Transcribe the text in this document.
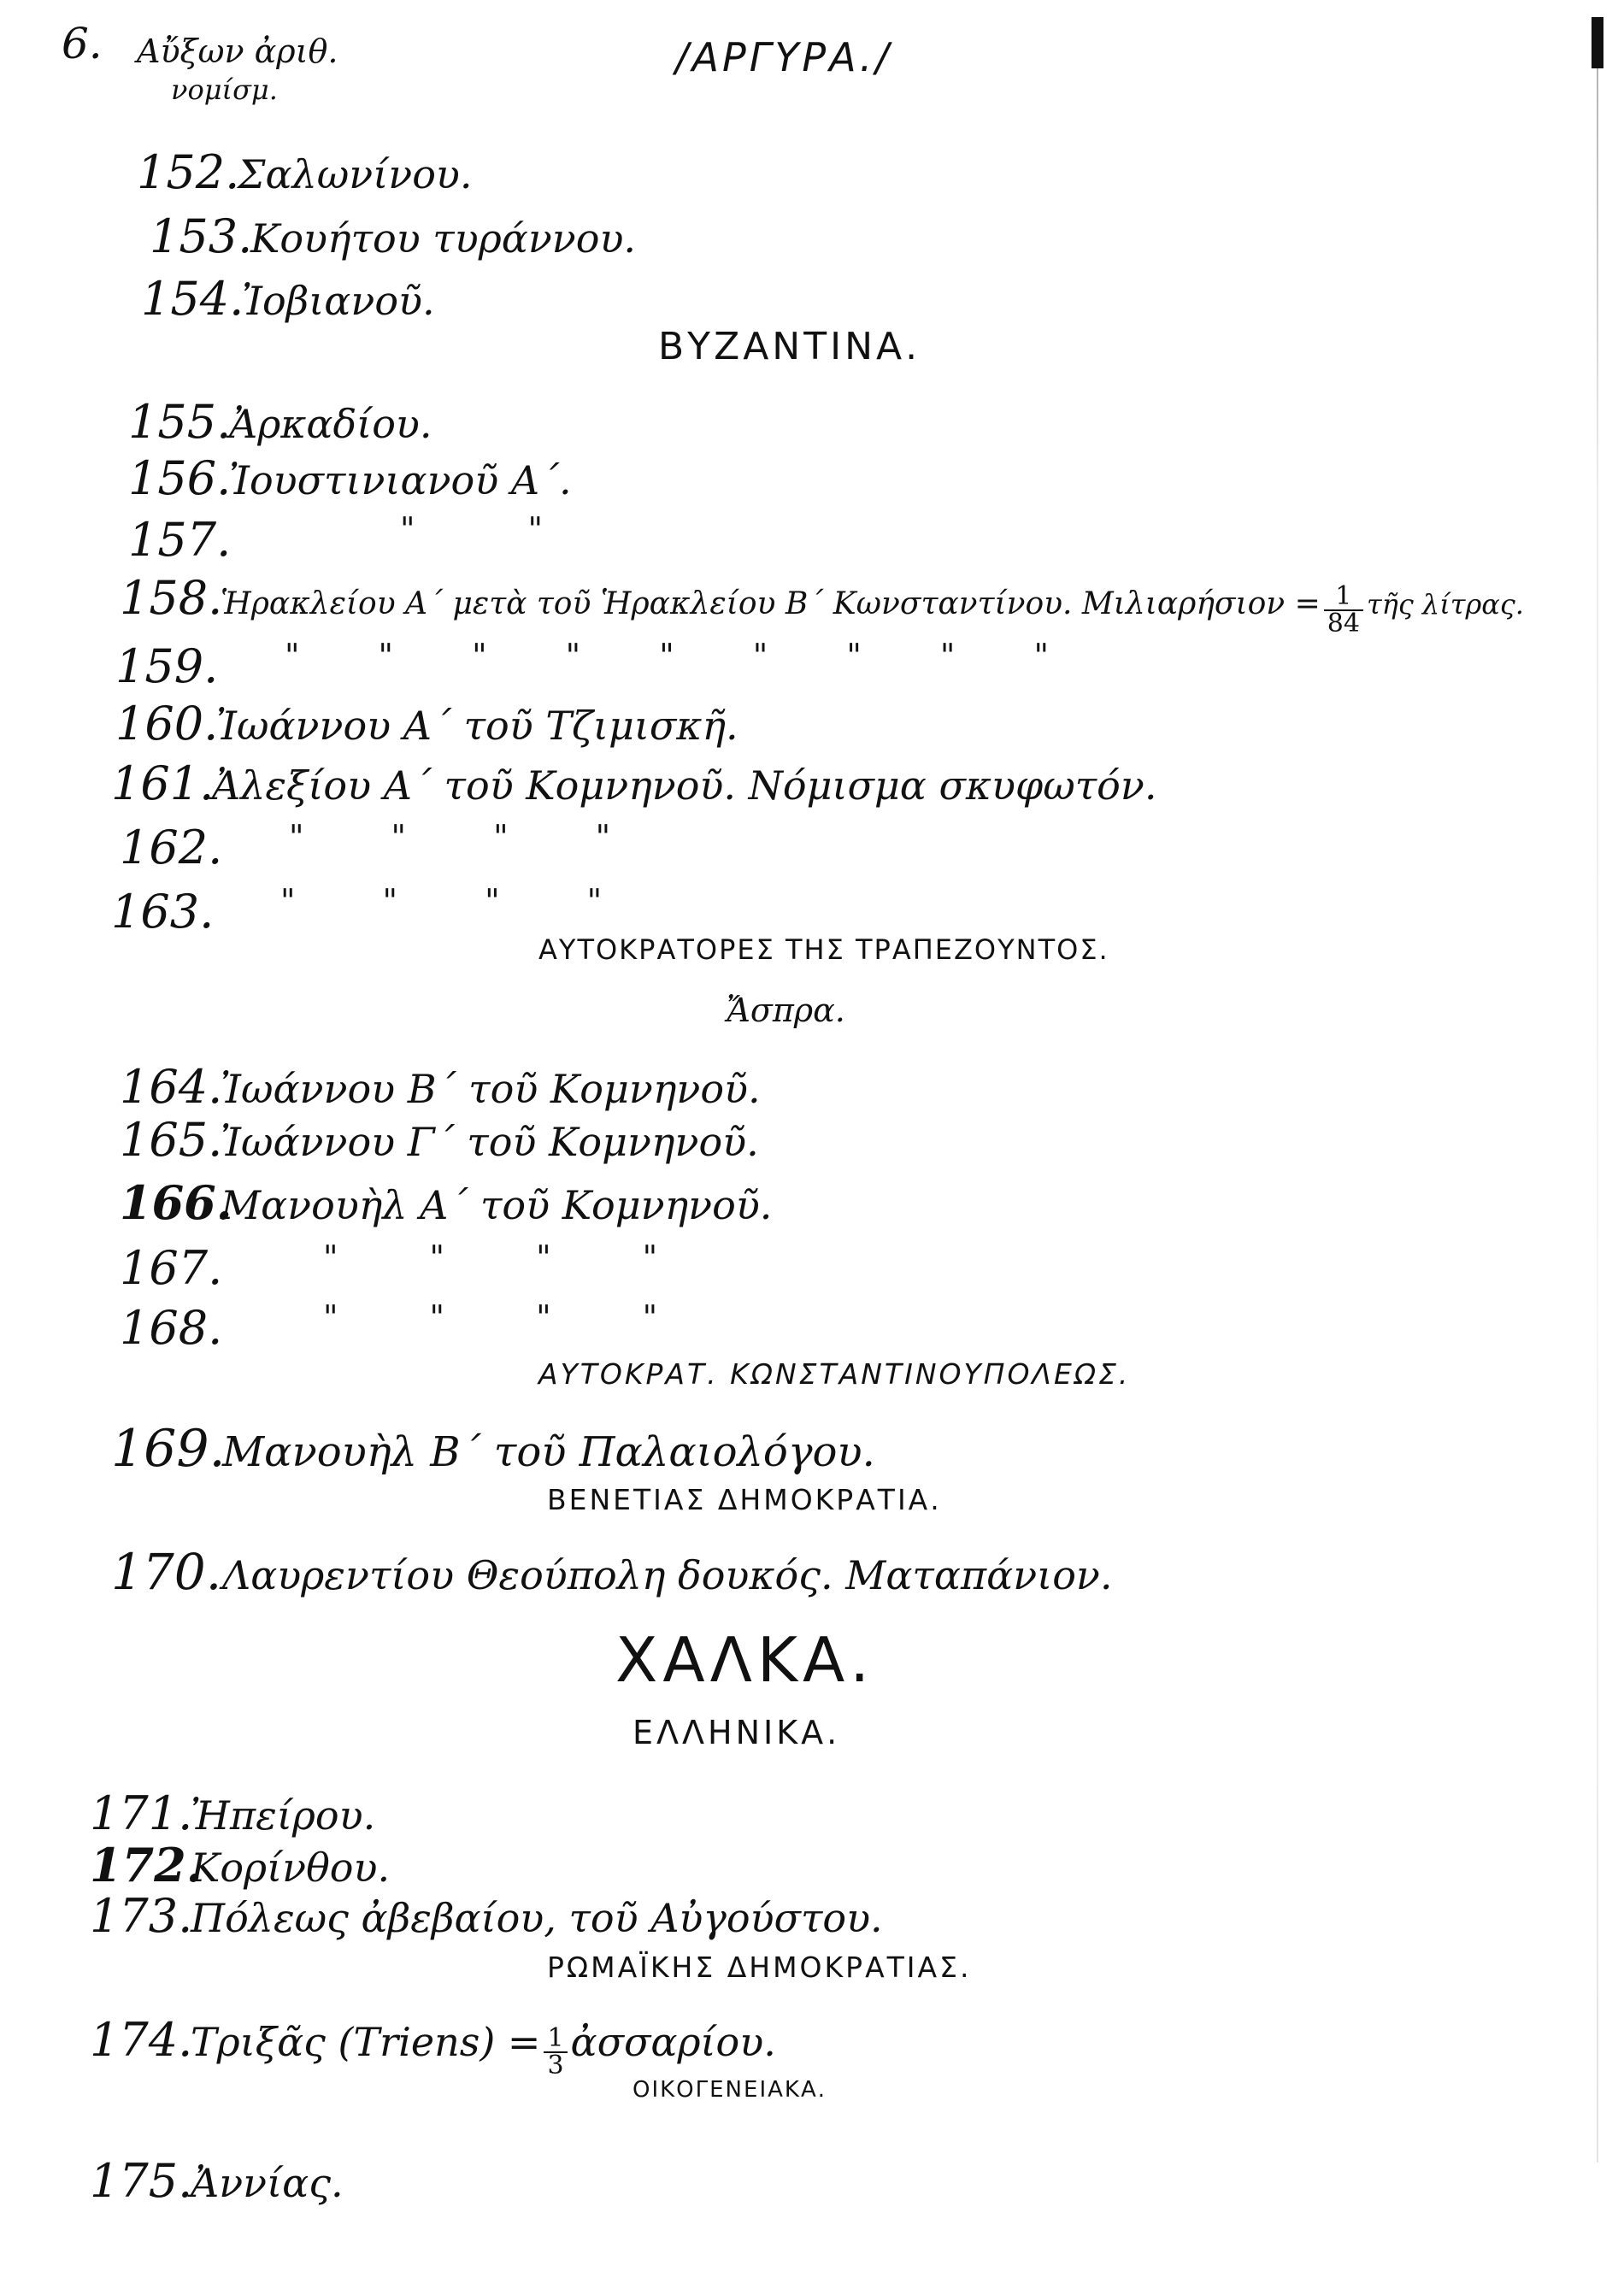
6. Αὔξων ἀριθ.
νομίσμ.
/ΑΡΓΥΡΑ./
152.Σαλωνίνου.
153.Κουήτου τυράννου.
154.Ἰοβιανοῦ.
ΒΥΖΑΝΤΙΝΑ.
155.Ἀρκαδίου.
156.Ἰουστινιανοῦ Α΄.
157.	" "
158.Ἡρακλείου Α΄ μετὰ τοῦ Ἡρακλείου Β΄ Κωνσταντίνου. $M\iota\lambda\iota\alpha\rho ή\sigma\iota o\nu = \frac{1}{84}$ τῆς λίτρας.
159. " " " " " " " " "
160.Ἰωάννου Α΄ τοῦ Τζιμισκῆ.
161.Ἀλεξίου Α΄ τοῦ Κομνηνοῦ. Νόμισμα σκυφωτόν.
162. " " " "
163. " " " "
ΑΥΤΟΚΡΑΤΟΡΕΣ ΤΗΣ ΤΡΑΠΕΖΟΥΝΤΟΣ.
Ἄσπρα.
164.Ἰωάννου Β΄ τοῦ Κομνηνοῦ.
165.Ἰωάννου Γ΄ τοῦ Κομνηνοῦ.
166.Μανουὴλ Α΄ τοῦ Κομνηνοῦ.
167.	" " " "
168.	" " " "
ΑΥΤΟΚΡΑΤ. ΚΩΝΣΤΑΝΤΙΝΟΥΠΟΛΕΩΣ.
169.Μανουὴλ Β΄ τοῦ Παλαιολόγου.
ΒΕΝΕΤΙΑΣ ΔΗΜΟΚΡΑΤΙΑ.
170.Λαυρεντίου Θεούπολη δουκός. Ματαπάνιον.
ΧΑΛΚΑ.
ΕΛΛΗΝΙΚΑ.
171.Ἠπείρου.
172.Κορίνθου.
173.Πόλεως ἀβεβαίου, τοῦ Αὐγούστου.
ΡΩΜΑΪΚΗΣ ΔΗΜΟΚΡΑΤΙΑΣ.
174.Τριξᾶς (Triens) = $\frac{1}{3}$ ἀσσαρίου.
ΟΙΚΟΓΕΝΕΙΑΚΑ.
175.Ἀννίας.
